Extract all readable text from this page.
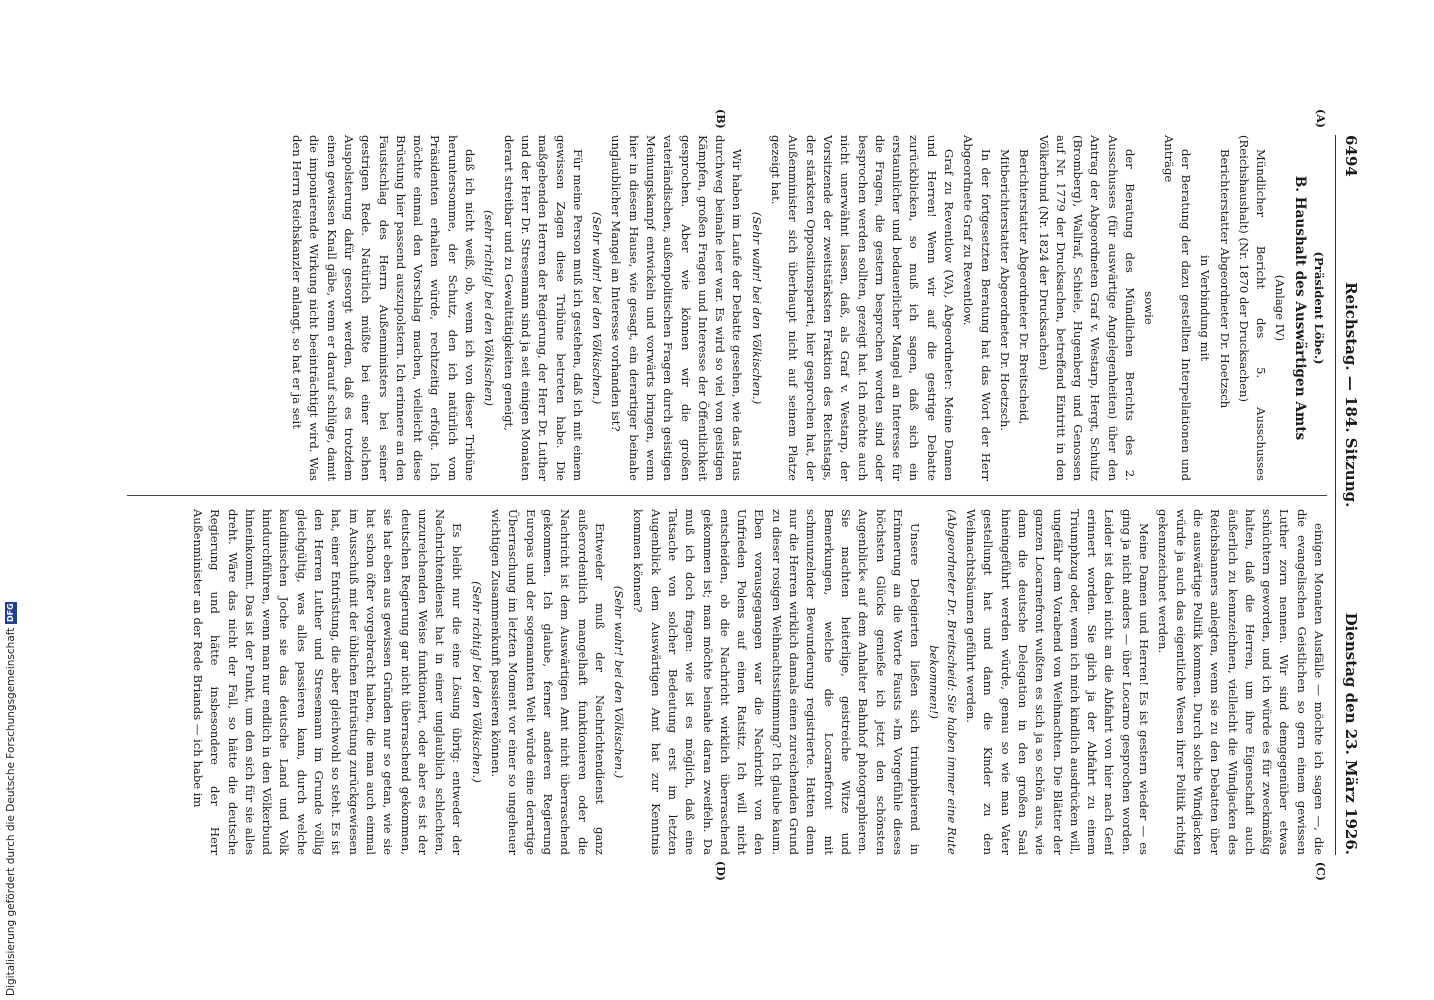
6494
Reichstag. — 184. Sitzung.
Dienstag den 23. März 1926.
(A)
(B)
(C)
(D)

(Präsident Löbe.)

B. Haushalt des Auswärtigen Amts

(Anlage IV)

Mündlicher Bericht des 5. Ausschusses (Reichshaushalt) (Nr. 1870 der Drucksachen)

Berichterstatter Abgeordneter Dr. Hoetzsch

in Verbindung mit

der Beratung der dazu gestellten Interpellationen und Anträge

sowie

der Beratung des Mündlichen Berichts des 2. Ausschusses (für auswärtige Angelegenheiten) über den Antrag der Abgeordneten Graf v. Westarp, Hergt, Schultz (Bromberg), Wallraf, Schiele, Hugenberg und Genossen auf Nr. 1779 der Drucksachen, betreffend Eintritt in den Völkerbund (Nr. 1824 der Drucksachen)

Berichterstatter Abgeordneter Dr. Breitscheid,

Mitberichterstatter Abgeordneter Dr. Hoetzsch.

In der fortgesetzten Beratung hat das Wort der Herr Abgeordnete Graf zu Reventlow.

Graf zu Reventlow (VA), Abgeordneter: Meine Damen und Herren! Wenn wir auf die gestrige Debatte zurückblicken, so muß ich sagen, daß sich ein erstaunlicher und bedauerlicher Mangel an Interesse für die Fragen, die gestern besprochen worden sind oder besprochen werden sollten, gezeigt hat. Ich möchte auch nicht unerwähnt lassen, daß, als Graf v. Westarp, der Vorsitzende der zweitstärksten Fraktion des Reichstags, der stärksten Oppositionspartei, hier gesprochen hat, der Außenminister sich überhaupt nicht auf seinem Platze gezeigt hat.

(Sehr wahr! bei den Völkischen.)

Wir haben im Laufe der Debatte gesehen, wie das Haus durchweg beinahe leer war. Es wird so viel von geistigen Kämpfen, großen Fragen und Interesse der Öffentlichkeit gesprochen. Aber wie können wir die großen vaterländischen, außenpolitischen Fragen durch geistigen Meinungskampf entwickeln und vorwärts bringen, wenn hier in diesem Hause, wie gesagt, ein derartiger beinahe unglaublicher Mangel an Interesse vorhanden ist?

(Sehr wahr! bei den Völkischen.)

Für meine Person muß ich gestehen, daß ich mit einem gewissen Zagen diese Tribüne betreten habe. Die maßgebenden Herren der Regierung, der Herr Dr. Luther und der Herr Dr. Stresemann sind ja seit einigen Monaten derart streitbar und zu Gewalttätigkeiten geneigt,

(sehr richtig! bei den Völkischen)

daß ich nicht weiß, ob, wenn ich von dieser Tribüne heruntersomme, der Schutz, den ich natürlich vom Präsidenten erhalten würde, rechtzeitig erfolgt. Ich möchte einmal den Vorschlag machen, vielleicht diese Brüstung hier passend auszupolstern. Ich erinnere an den Faustschlag des Herrn Außenministers bei seiner gestrigen Rede. Natürlich müßte bei einer solchen Auspolsterung dafür gesorgt werden, daß es trotzdem einen gewissen Knall gäbe, wenn er darauf schlüge, damit die imponierende Wirkung nicht beeinträchtigt wird. Was den Herrn Reichskanzler anlangt, so hat er ja seit

einigen Monaten Ausfälle — möchte ich sagen —, die die evangelischen Geistlichen so gern einem gewissen Luther zorn nennen. Wir sind demgegenüber etwas schüchtern geworden, und ich würde es für zweckmäßig halten, daß die Herren, um ihre Eigenschaft auch äußerlich zu kennzeichnen, vielleicht die Windjacken des Reichsbanners anlegten, wenn sie zu den Debatten über die auswärtige Politik kommen. Durch solche Windjacken würde ja auch das eigentliche Wesen ihrer Politik richtig gekennzeichnet werden.

Meine Damen und Herren! Es ist gestern wieder — es ging ja nicht anders — über Locarno gesprochen worden. Leider ist dabei nicht an die Abfahrt von hier nach Genf erinnert worden. Sie glich ja der Abfahrt zu einem Triumphzug oder, wenn ich mich kindlich ausdrücken will, ungefähr dem Vorabend von Weihnachten. Die Blätter der ganzen Locarnefront wußten es sich ja so schön aus, wie dann die deutsche Delegation in den großen Saal hineingeführt werden würde, genau so wie man Vater gestellungt hat und dann die Kinder zu den Weihnachtsbäumen geführt werden.

(Abgeordneter Dr. Breitscheid: Sie haben immer eine Rute bekommen!)

Unsere Delegierten ließen sich triumphierend in Erinnerung an die Worte Fausts »Im Vorgefühle dieses höchsten Glücks genieße ich jetzt den schönsten Augenblick« auf dem Anhalter Bahnhof photographieren. Sie machten heiterlige, geistreiche Witze und Bemerkungen, welche die Locarnefront mit schmunzelnder Bewunderung registrierte. Hatten denn nur die Herren wirklich damals einen zureichenden Grund zu dieser rosigen Weihnachtsstimmung? Ich glaube kaum. Eben vorausgegangen war die Nachricht von den Unfrieden Polens auf einen Ratsitz. Ich will nicht entscheiden, ob die Nachricht wirklich überraschend gekommen ist; man möchte beinahe daran zweifeln. Da muß ich doch fragen: wie ist es möglich, daß eine Tatsache von solcher Bedeutung erst im letzten Augenblick dem Auswärtigen Amt hat zur Kenntnis kommen können?

(Sehr wahr! bei den Völkischen.)

Entweder muß der Nachrichtendienst ganz außerordentlich mangelhaft funktionieren oder die Nachricht ist dem Auswärtigen Amt nicht überraschend gekommen. Ich glaube, ferner anderen Regierung Europas und der sogenannten Welt würde eine derartige Überraschung im letzten Moment vor einer so ungeheuer wichtigen Zusammenkunft passieren können.

(Sehr richtig! bei den Völkischen.)

Es bleibt nur die eine Lösung übrig: entweder der Nachrichtendienst hat in einer unglaublich schlechten, unzureichenden Weise funktioniert, oder aber es ist der deutschen Regierung gar nicht überraschend gekommen, sie hat eben aus gewissen Gründen nur so getan, wie sie hat schon öfter vorgebracht haben, die man auch einmal im Ausschuß mit der üblichen Entrüstung zurückgewiesen hat, einer Entrüstung, die aber gleichwohl so steht. Es ist den Herren Luther und Stresemann im Grunde völlig gleichgültig, was alles passieren kann, durch welche kaudinischen Joche sie das deutsche Land und Volk hindurchführen, wenn man nur endlich in den Völkerbund hineinkommt. Das ist der Punkt, um den sich für sie alles dreht. Wäre das nicht der Fall, so hätte die deutsche Regierung und hätte insbesondere der Herr Außenminister an der Rede Briands — ich habe im

Digitalisierung gefördert durch die Deutsche Forschungsgemeinschaft
DFG
